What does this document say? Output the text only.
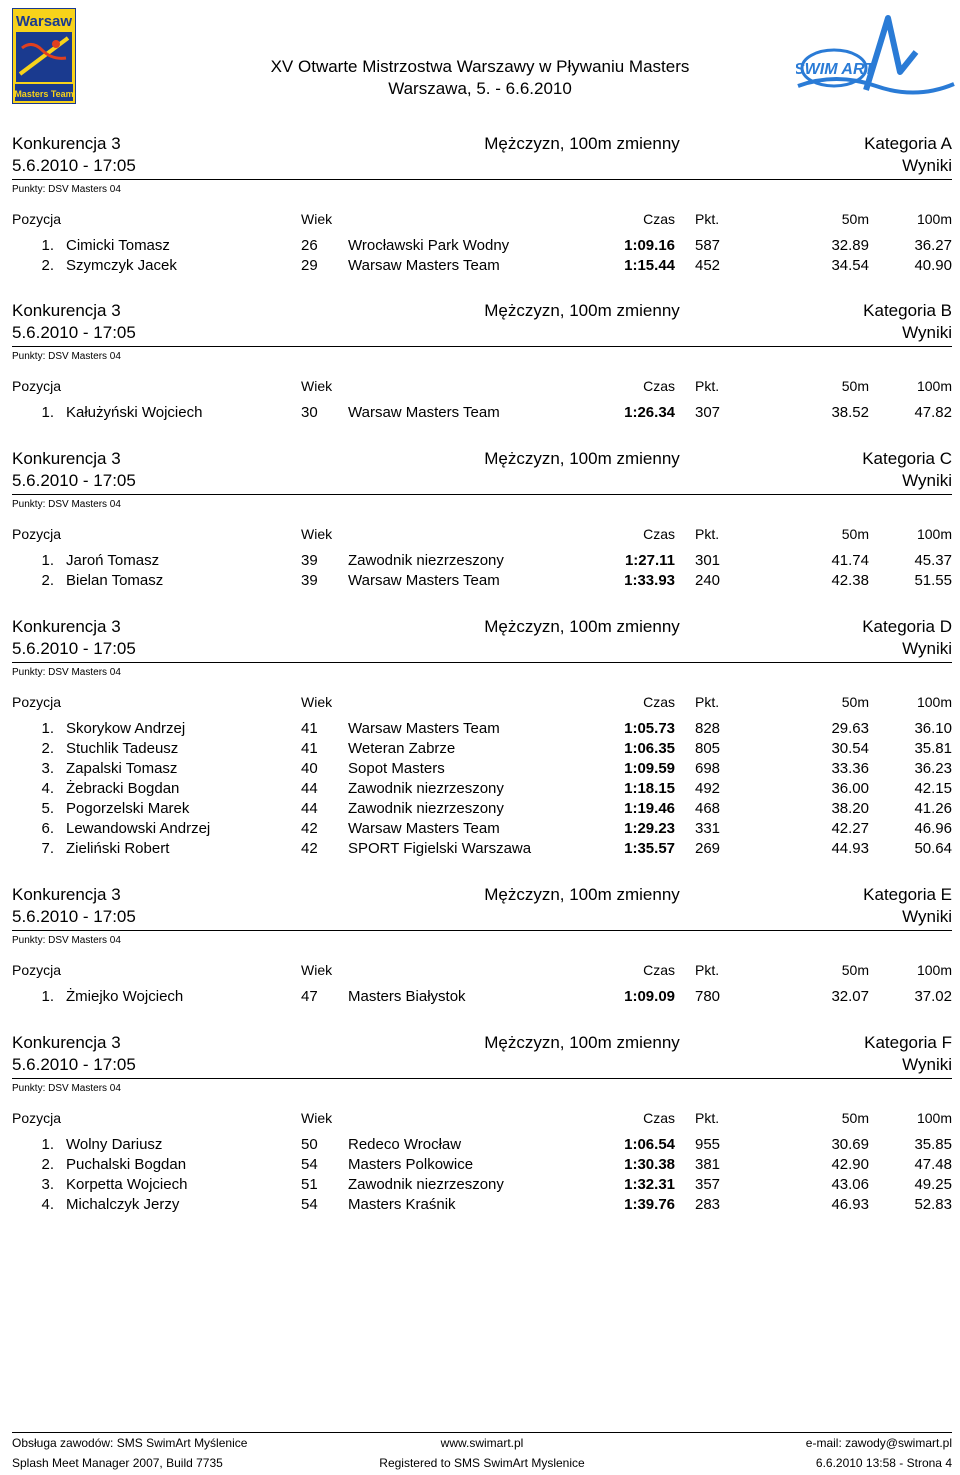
Warsaw
Masters Team
SWIM ART
XV Otwarte Mistrzostwa Warszawy w Pływaniu Masters
Warszawa, 5. - 6.6.2010
Konkurencja 3	Mężczyzn, 100m zmienny	Kategoria A
5.6.2010 - 17:05	Wyniki
Punkty: DSV Masters 04
Pozycja	Wiek	Czas Pkt.	50m	100m
1. Cimicki Tomasz	26 Wrocławski Park Wodny	1:09.16 587	32.89	36.27
2. Szymczyk Jacek	29 Warsaw Masters Team	1:15.44 452	34.54	40.90
Konkurencja 3	Mężczyzn, 100m zmienny	Kategoria B
5.6.2010 - 17:05	Wyniki
Punkty: DSV Masters 04
Pozycja	Wiek	Czas Pkt.	50m	100m
1. Kałużyński Wojciech	30 Warsaw Masters Team	1:26.34 307	38.52	47.82
Konkurencja 3	Mężczyzn, 100m zmienny	Kategoria C
5.6.2010 - 17:05	Wyniki
Punkty: DSV Masters 04
Pozycja	Wiek	Czas Pkt.	50m	100m
1. Jaroń Tomasz	39 Zawodnik niezrzeszony	1:27.11 301	41.74	45.37
2. Bielan Tomasz	39 Warsaw Masters Team	1:33.93 240	42.38	51.55
Konkurencja 3	Mężczyzn, 100m zmienny	Kategoria D
5.6.2010 - 17:05	Wyniki
Punkty: DSV Masters 04
Pozycja	Wiek	Czas Pkt.	50m	100m
1. Skorykow Andrzej	41 Warsaw Masters Team	1:05.73 828	29.63	36.10
2. Stuchlik Tadeusz	41 Weteran Zabrze	1:06.35 805	30.54	35.81
3. Zapalski Tomasz	40 Sopot Masters	1:09.59 698	33.36	36.23
4. Żebracki Bogdan	44 Zawodnik niezrzeszony	1:18.15 492	36.00	42.15
5. Pogorzelski Marek	44 Zawodnik niezrzeszony	1:19.46 468	38.20	41.26
6. Lewandowski Andrzej	42 Warsaw Masters Team	1:29.23 331	42.27	46.96
7. Zieliński Robert	42 SPORT Figielski Warszawa	1:35.57 269	44.93	50.64
Konkurencja 3	Mężczyzn, 100m zmienny	Kategoria E
5.6.2010 - 17:05	Wyniki
Punkty: DSV Masters 04
Pozycja	Wiek	Czas Pkt.	50m	100m
1. Żmiejko Wojciech	47 Masters Białystok	1:09.09 780	32.07	37.02
Konkurencja 3	Mężczyzn, 100m zmienny	Kategoria F
5.6.2010 - 17:05	Wyniki
Punkty: DSV Masters 04
Pozycja	Wiek	Czas Pkt.	50m	100m
1. Wolny Dariusz	50 Redeco Wrocław	1:06.54 955	30.69	35.85
2. Puchalski Bogdan	54 Masters Polkowice	1:30.38 381	42.90	47.48
3. Korpetta Wojciech	51 Zawodnik niezrzeszony	1:32.31 357	43.06	49.25
4. Michalczyk Jerzy	54 Masters Kraśnik	1:39.76 283	46.93	52.83
Obsługa zawodów: SMS SwimArt Myślenice	www.swimart.pl	e-mail: zawody@swimart.pl
Splash Meet Manager 2007, Build 7735	Registered to SMS SwimArt Myslenice	6.6.2010 13:58 - Strona 4
